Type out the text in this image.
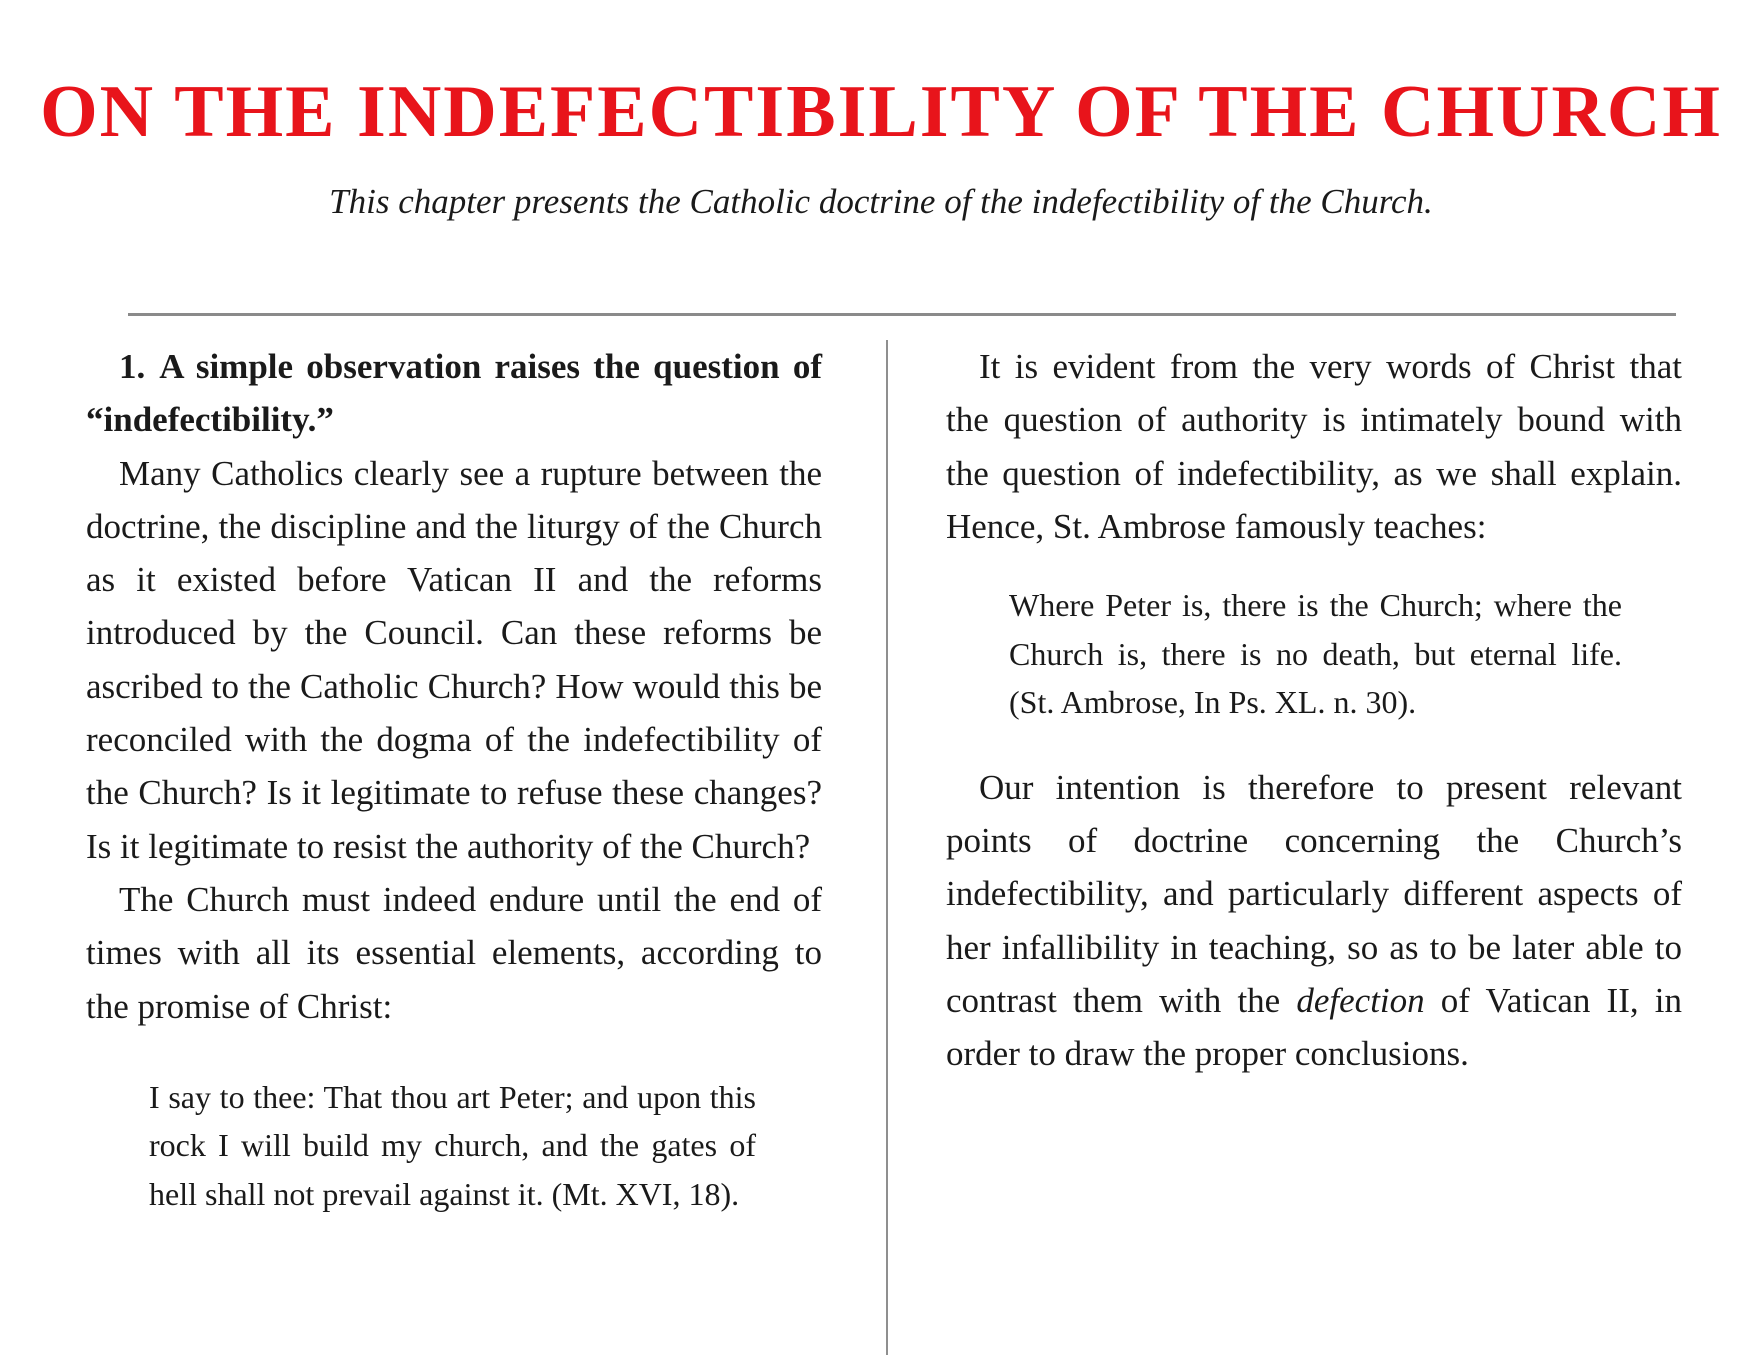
ON THE INDEFECTIBILITY OF THE CHURCH
This chapter presents the Catholic doctrine of the indefectibility of the Church.
1. A simple observation raises the question of “indefectibility.”

Many Catholics clearly see a rupture between the doctrine, the discipline and the liturgy of the Church as it existed before Vatican II and the reforms introduced by the Council. Can these reforms be ascribed to the Catholic Church? How would this be reconciled with the dogma of the indefectibility of the Church? Is it legitimate to refuse these changes? Is it legitimate to resist the authority of the Church?

The Church must indeed endure until the end of times with all its essential elements, according to the promise of Christ:

I say to thee: That thou art Peter; and upon this rock I will build my church, and the gates of hell shall not prevail against it. (Mt. XVI, 18).

It is evident from the very words of Christ that the question of authority is intimately bound with the question of indefectibility, as we shall explain. Hence, St. Ambrose famously teaches:

Where Peter is, there is the Church; where the Church is, there is no death, but eternal life. (St. Ambrose, In Ps. XL. n. 30).

Our intention is therefore to present relevant points of doctrine concerning the Church’s indefectibility, and particularly different aspects of her infallibility in teaching, so as to be later able to contrast them with the defection of Vatican II, in order to draw the proper conclusions.
